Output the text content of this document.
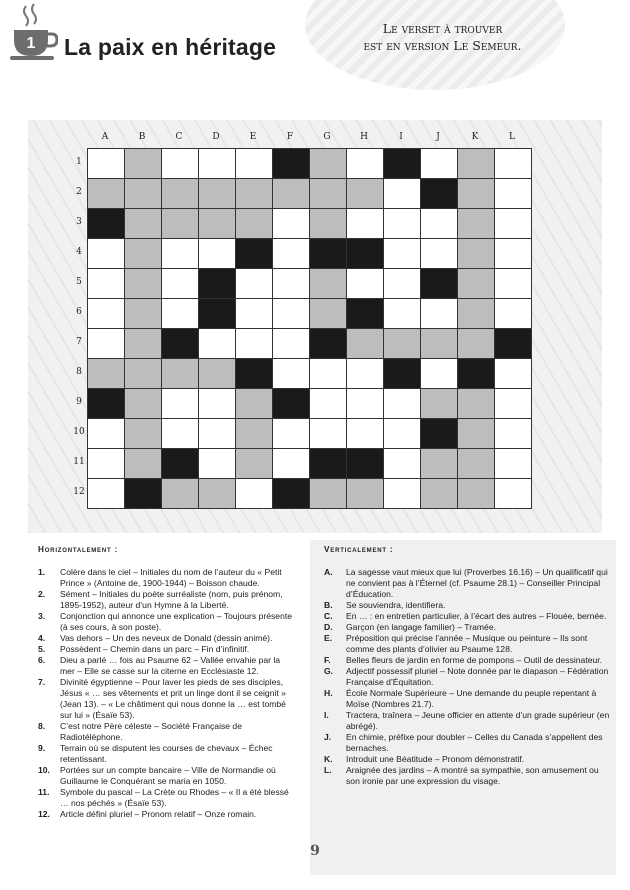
1 La paix en héritage
Le verset à trouver
est en version Le Semeur.
A	B	C	D	E	F	G	H	I	J	K	L
1
2
3
4
5
6
7
8
9
10
11
12
Horizontalement :
1.	Colère dans le ciel – Initiales du nom de l’auteur du « Petit Prince » (Antoine de, 1900-1944) – Boisson chaude.
2.	Sément – Initiales du poète surréaliste (nom, puis prénom, 1895-1952), auteur d’un Hymne à la Liberté.
3.	Conjonction qui annonce une explication – Toujours présente (à ses cours, à son poste).
4.	Vas dehors – Un des neveux de Donald (dessin animé).
5.	Possèdent – Chemin dans un parc – Fin d’infinitif.
6.	Dieu a parlé … fois au Psaume 62 – Vallée envahie par la mer – Elle se casse sur la citerne en Ecclésiaste 12.
7.	Divinité égyptienne – Pour laver les pieds de ses disciples, Jésus « … ses vêtements et prit un linge dont il se ceignit » (Jean 13). – « Le châtiment qui nous donne la … est tombé sur lui » (Ésaïe 53).
8.	C’est notre Père céleste – Société Française de Radiotéléphone.
9.	Terrain où se disputent les courses de chevaux – Échec retentissant.
10.	Portées sur un compte bancaire – Ville de Normandie où Guillaume le Conquérant se maria en 1050.
11.	Symbole du pascal – La Crète ou Rhodes – « Il a été blessé … nos péchés » (Ésaïe 53).
12.	Article défini pluriel – Pronom relatif – Onze romain.
Verticalement :
A.	La sagesse vaut mieux que lui (Proverbes 16.16) – Un qualificatif qui ne convient pas à l’Éternel (cf. Psaume 28.1) – Conseiller Principal d’Éducation.
B.	Se souviendra, identifiera.
C.	En … : en entretien particulier, à l’écart des autres – Flouée, bernée.
D.	Garçon (en langage familier) – Tramée.
E.	Préposition qui précise l’année – Musique ou peinture – Ils sont comme des plants d’olivier au Psaume 128.
F.	Belles fleurs de jardin en forme de pompons – Outil de dessinateur.
G.	Adjectif possessif pluriel – Note donnée par le diapason – Fédération Française d’Équitation.
H.	École Normale Supérieure – Une demande du peuple repentant à Moïse (Nombres 21.7).
I.	Tractera, traînera – Jeune officier en attente d’un grade supérieur (en abrégé).
J.	En chimie, préfixe pour doubler – Celles du Canada s’appellent des bernaches.
K.	Introduit une Béatitude – Pronom démonstratif.
L.	Araignée des jardins – A montré sa sympathie, son amusement ou son ironie par une expression du visage.
9
